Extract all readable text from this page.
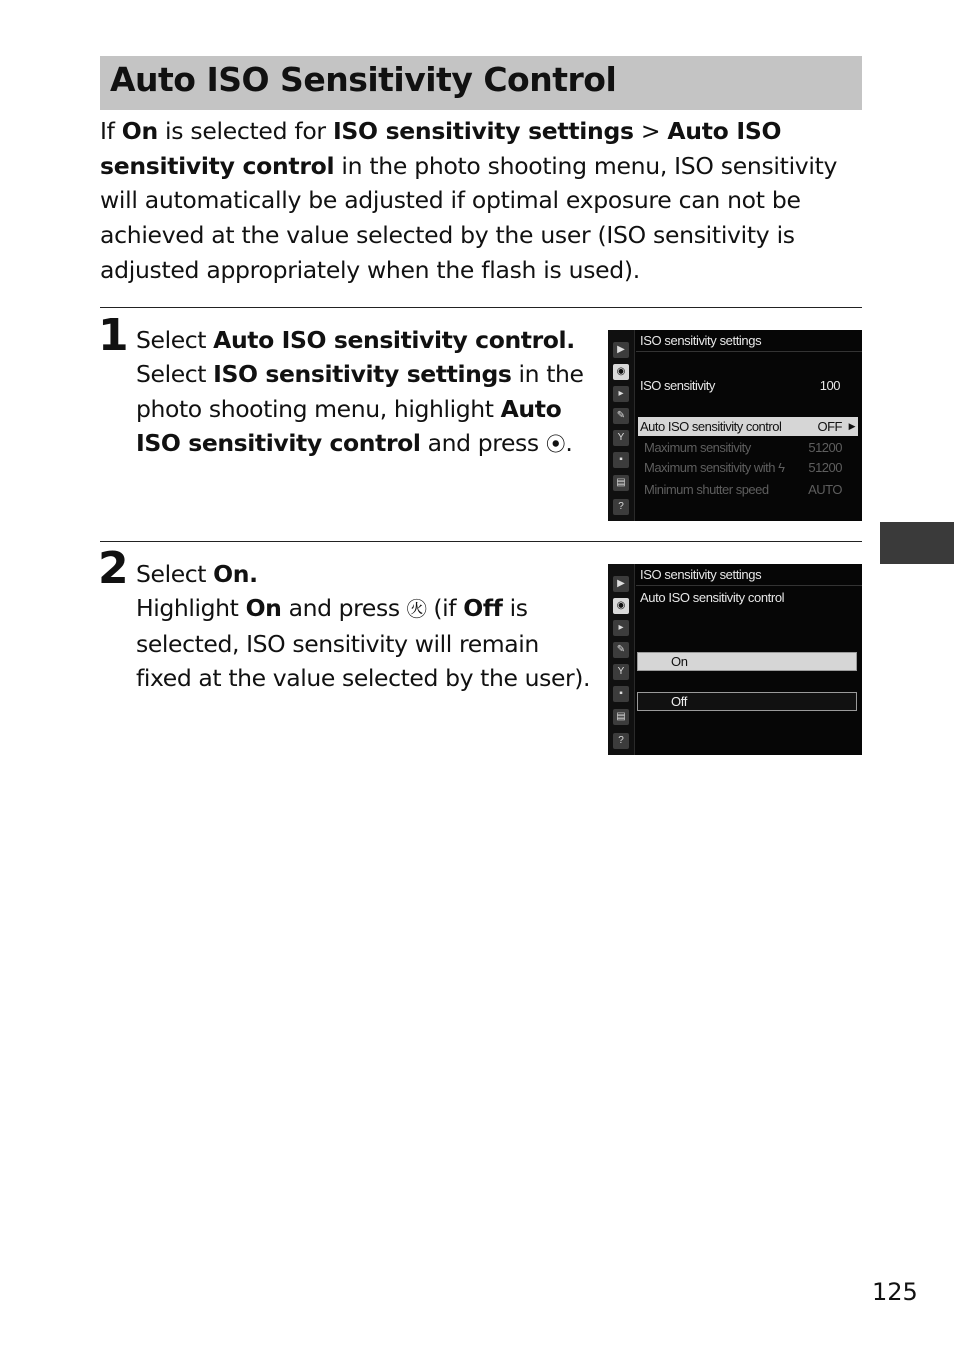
Auto ISO Sensitivity Control
If On is selected for ISO sensitivity settings > Auto ISO sensitivity control in the photo shooting menu, ISO sensitivity will automatically be adjusted if optimal exposure can not be achieved at the value selected by the user (ISO sensitivity is adjusted appropriately when the flash is used).
1 Select Auto ISO sensitivity control.
Select ISO sensitivity settings in the photo shooting menu, highlight Auto ISO sensitivity control and press ⦿.
▶
◉
▸
✎
Y
▪
▤
?
ISO sensitivity settings
ISO sensitivity	100
Auto ISO sensitivity control	OFF ▶
Maximum sensitivity	51200
Maximum sensitivity with ϟ 51200
Minimum shutter speed	AUTO
2 Select On.
Highlight On and press ㊋ (if Off is selected, ISO sensitivity will remain fixed at the value selected by the user).
▶
◉
▸
✎
Y
▪
▤
?
ISO sensitivity settings
Auto ISO sensitivity control
On
Off
125
